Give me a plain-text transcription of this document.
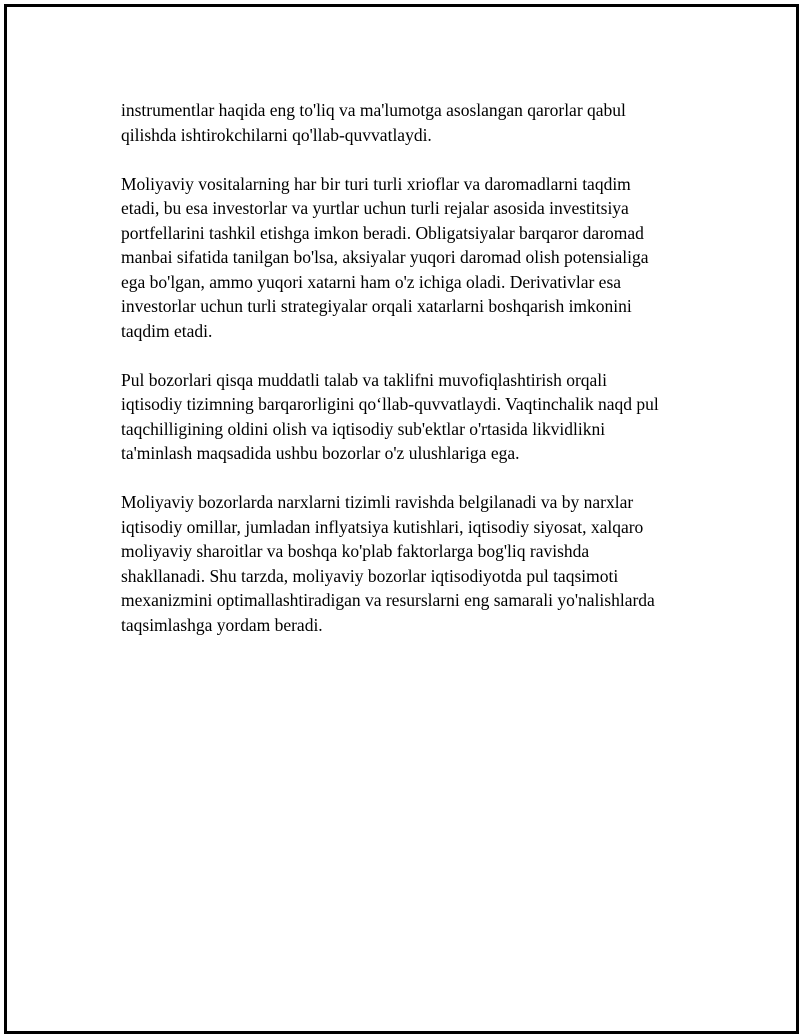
instrumentlar haqida eng to'liq va ma'lumotga asoslangan qarorlar qabul
qilishda ishtirokchilarni qo'llab-quvvatlaydi.

Moliyaviy vositalarning har bir turi turli xrioflar va daromadlarni taqdim
etadi, bu esa investorlar va yurtlar uchun turli rejalar asosida investitsiya
portfellarini tashkil etishga imkon beradi. Obligatsiyalar barqaror daromad
manbai sifatida tanilgan bo'lsa, aksiyalar yuqori daromad olish potensialiga
ega bo'lgan, ammo yuqori xatarni ham o'z ichiga oladi. Derivativlar esa
investorlar uchun turli strategiyalar orqali xatarlarni boshqarish imkonini
taqdim etadi.

Pul bozorlari qisqa muddatli talab va taklifni muvofiqlashtirish orqali
iqtisodiy tizimning barqarorligini qo‘llab-quvvatlaydi. Vaqtinchalik naqd pul
taqchilligining oldini olish va iqtisodiy sub'ektlar o'rtasida likvidlikni
ta'minlash maqsadida ushbu bozorlar o'z ulushlariga ega.

Moliyaviy bozorlarda narxlarni tizimli ravishda belgilanadi va by narxlar
iqtisodiy omillar, jumladan inflyatsiya kutishlari, iqtisodiy siyosat, xalqaro
moliyaviy sharoitlar va boshqa ko'plab faktorlarga bog'liq ravishda
shakllanadi. Shu tarzda, moliyaviy bozorlar iqtisodiyotda pul taqsimoti
mexanizmini optimallashtiradigan va resurslarni eng samarali yo'nalishlarda
taqsimlashga yordam beradi.
